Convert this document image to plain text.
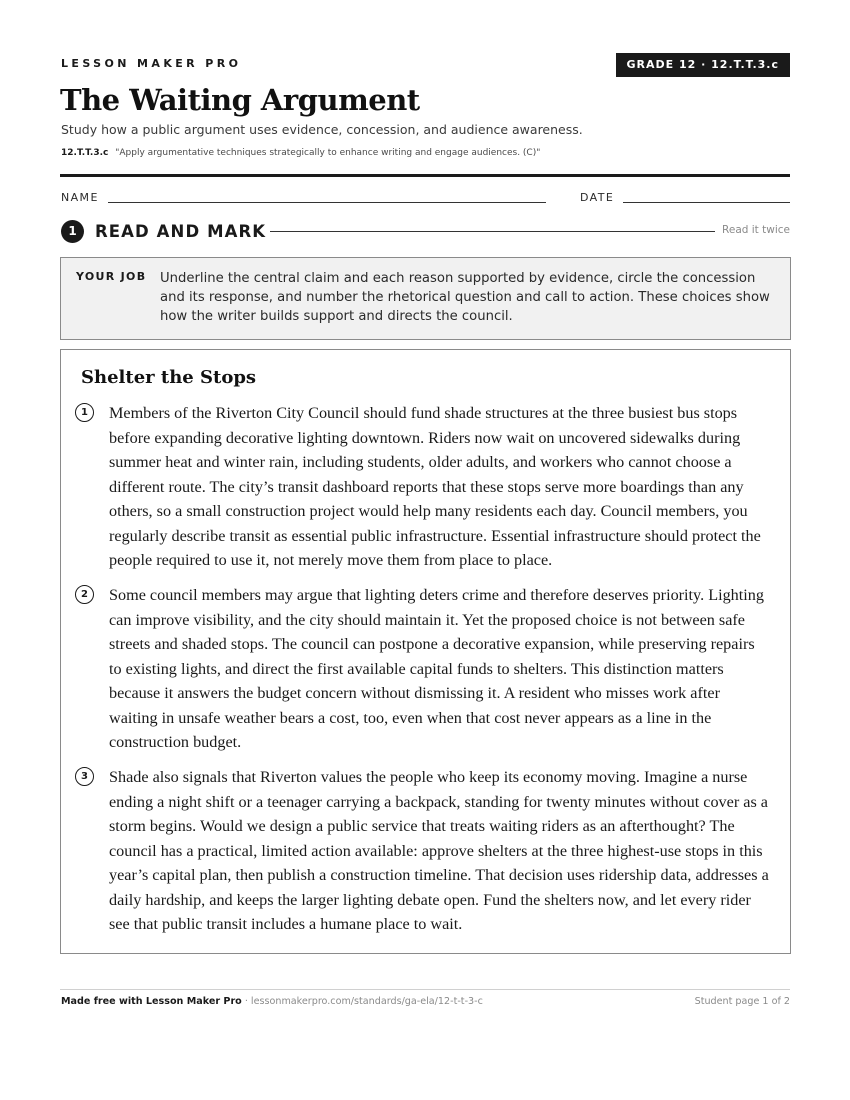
LESSON MAKER PRO	GRADE 12 · 12.T.T.3.c
The Waiting Argument
Study how a public argument uses evidence, concession, and audience awareness.
12.T.T.3.c "Apply argumentative techniques strategically to enhance writing and engage audiences. (C)"
NAME	DATE
1	READ AND MARK	Read it twice
YOUR JOB Underline the central claim and each reason supported by evidence, circle the concession and its response, and number the rhetorical question and call to action. These choices show how the writer builds support and directs the council.
Shelter the Stops
1	Members of the Riverton City Council should fund shade structures at the three busiest bus stops before expanding decorative lighting downtown. Riders now wait on uncovered sidewalks during summer heat and winter rain, including students, older adults, and workers who cannot choose a different route. The city’s transit dashboard reports that these stops serve more boardings than any others, so a small construction project would help many residents each day. Council members, you regularly describe transit as essential public infrastructure. Essential infrastructure should protect the people required to use it, not merely move them from place to place.
2	Some council members may argue that lighting deters crime and therefore deserves priority. Lighting can improve visibility, and the city should maintain it. Yet the proposed choice is not between safe streets and shaded stops. The council can postpone a decorative expansion, while preserving repairs to existing lights, and direct the first available capital funds to shelters. This distinction matters because it answers the budget concern without dismissing it. A resident who misses work after waiting in unsafe weather bears a cost, too, even when that cost never appears as a line in the construction budget.
3	Shade also signals that Riverton values the people who keep its economy moving. Imagine a nurse ending a night shift or a teenager carrying a backpack, standing for twenty minutes without cover as a storm begins. Would we design a public service that treats waiting riders as an afterthought? The council has a practical, limited action available: approve shelters at the three highest-use stops in this year’s capital plan, then publish a construction timeline. That decision uses ridership data, addresses a daily hardship, and keeps the larger lighting debate open. Fund the shelters now, and let every rider see that public transit includes a humane place to wait.
Made free with Lesson Maker Pro · lessonmakerpro.com/standards/ga-ela/12-t-t-3-c	Student page 1 of 2
